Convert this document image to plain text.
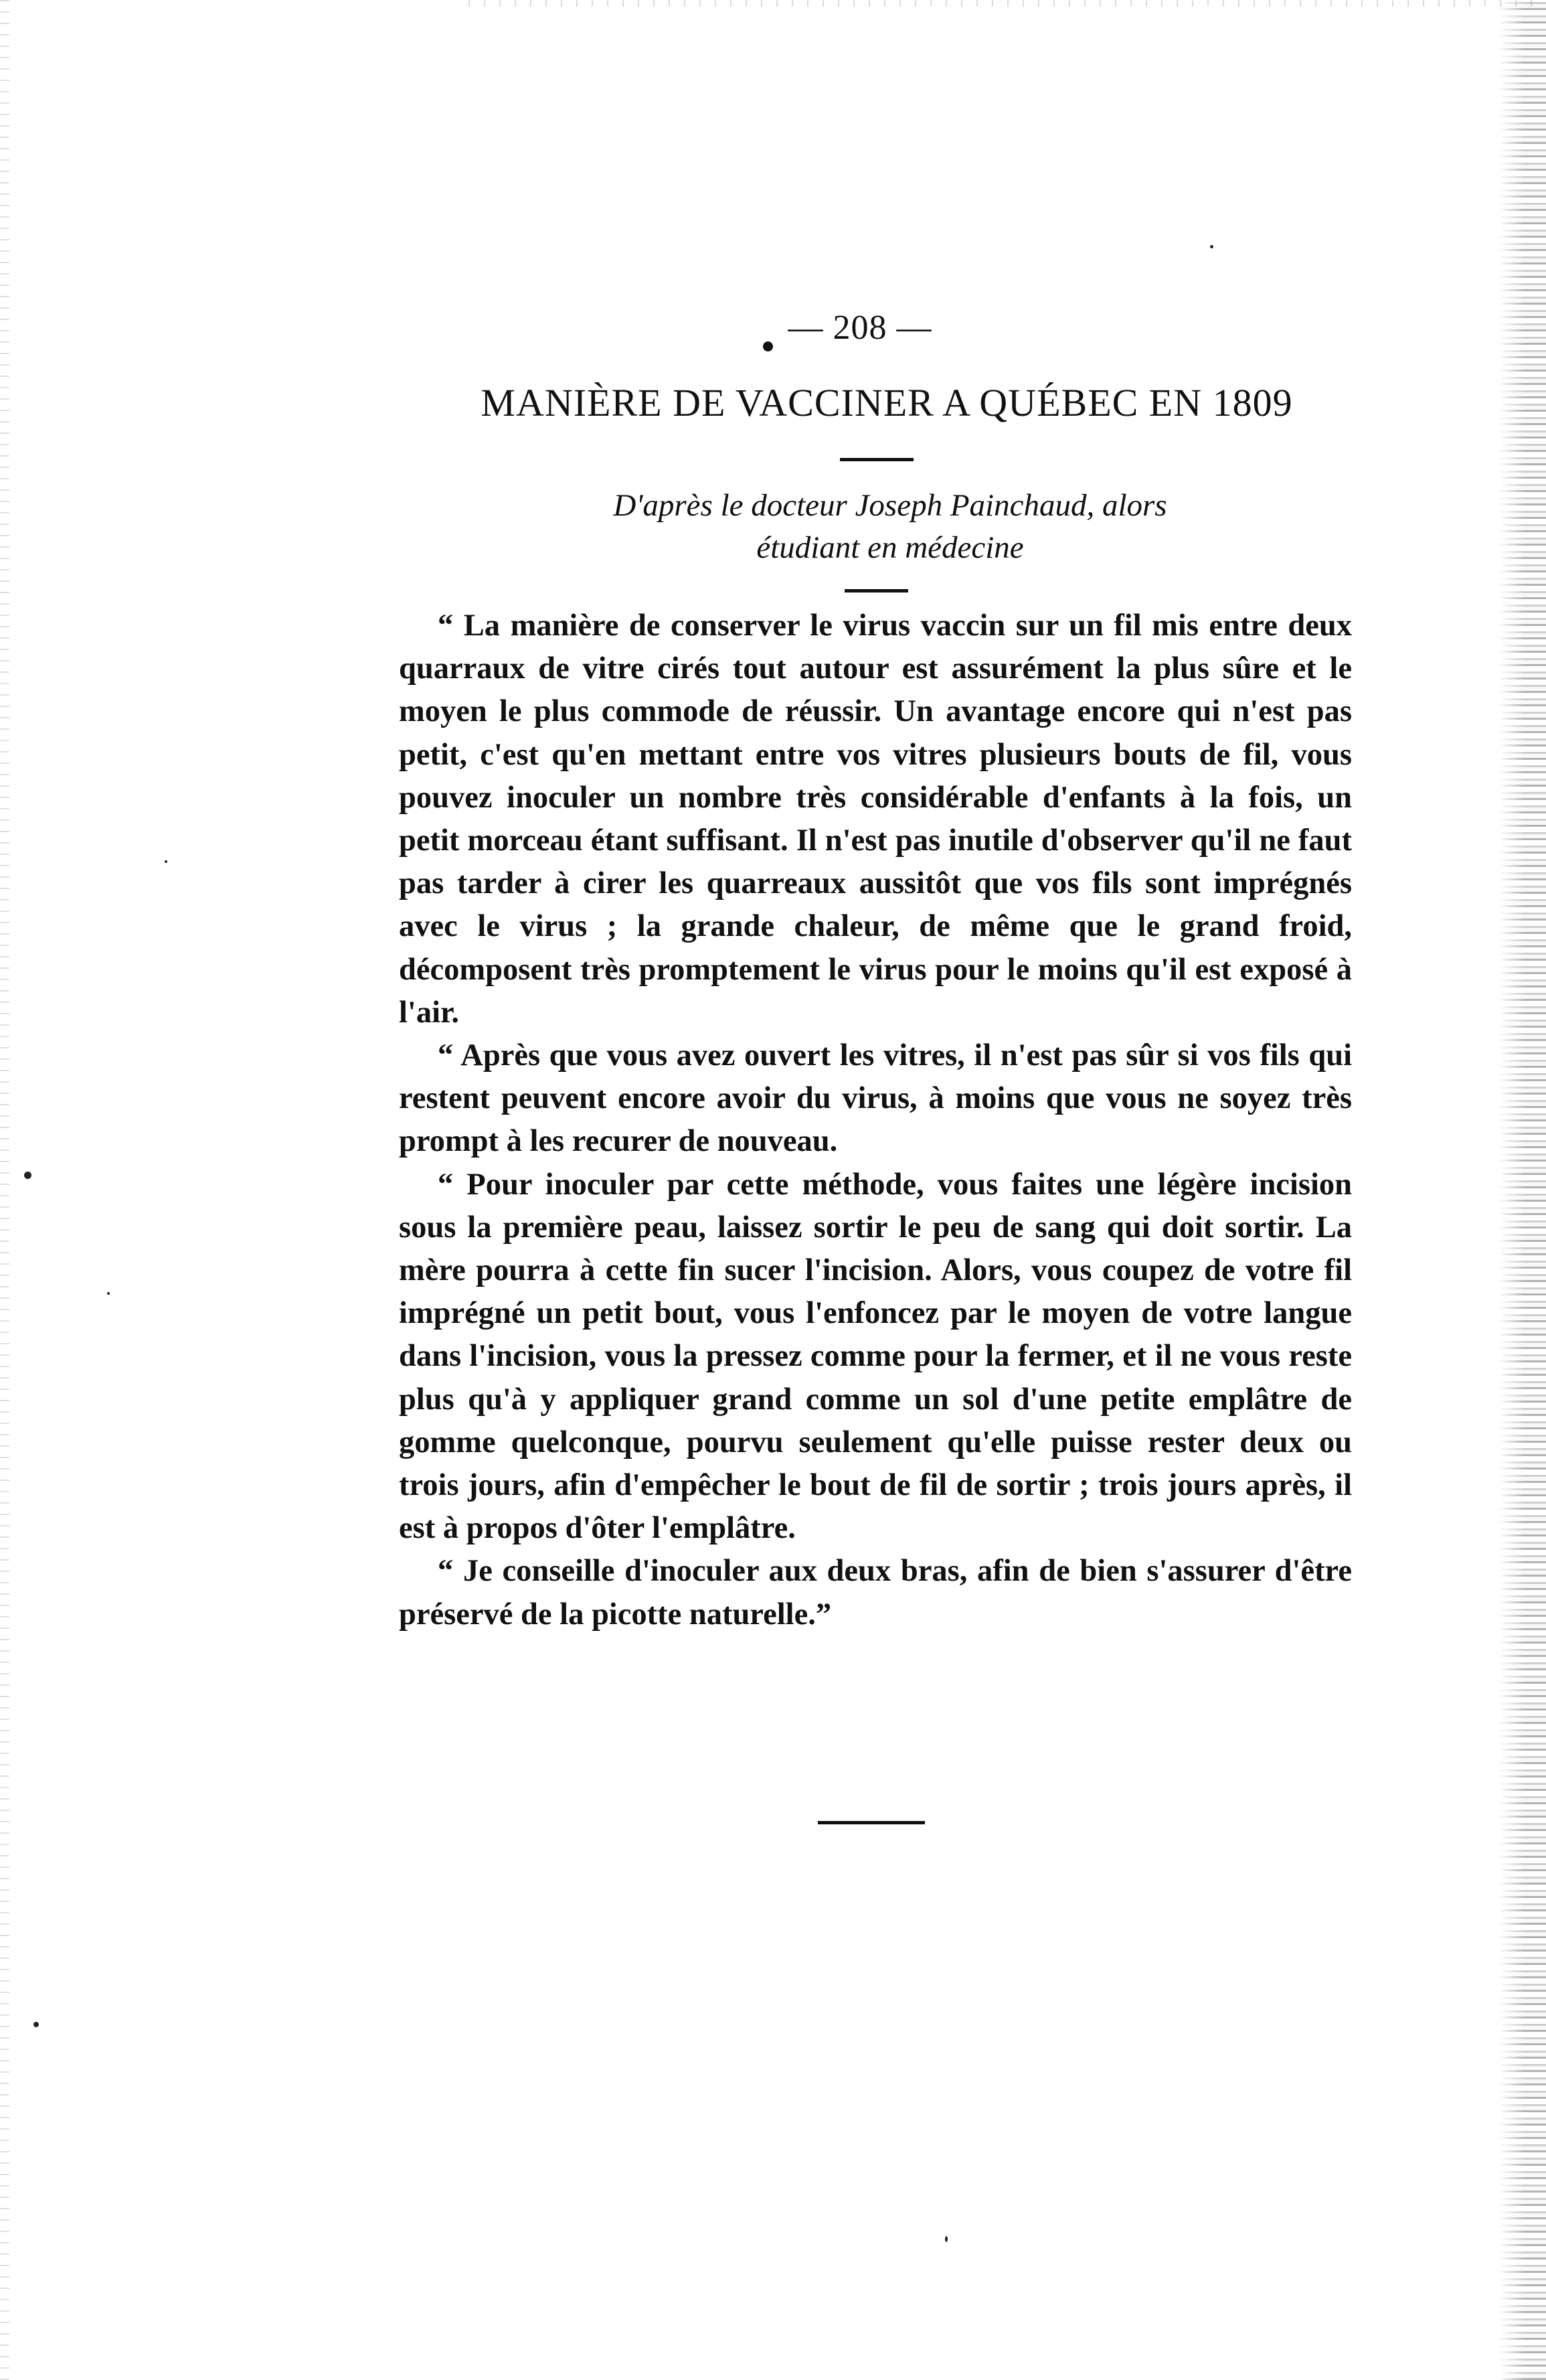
— 208 —
MANIÈRE DE VACCINER A QUÉBEC EN 1809
D'après le docteur Joseph Painchaud, alors
étudiant en médecine

“ La manière de conserver le virus vaccin sur un fil mis entre deux quarraux de vitre cirés tout autour est assurément la plus sûre et le moyen le plus commode de réussir. Un avantage encore qui n'est pas petit, c'est qu'en mettant entre vos vitres plusieurs bouts de fil, vous pouvez inoculer un nombre très considérable d'enfants à la fois, un petit morceau étant suffisant. Il n'est pas inutile d'observer qu'il ne faut pas tarder à cirer les quarreaux aussitôt que vos fils sont imprégnés avec le virus ; la grande chaleur, de même que le grand froid, décomposent très promptement le virus pour le moins qu'il est exposé à l'air.

“ Après que vous avez ouvert les vitres, il n'est pas sûr si vos fils qui restent peuvent encore avoir du virus, à moins que vous ne soyez très prompt à les recurer de nouveau.

“ Pour inoculer par cette méthode, vous faites une légère incision sous la première peau, laissez sortir le peu de sang qui doit sortir. La mère pourra à cette fin sucer l'incision. Alors, vous coupez de votre fil imprégné un petit bout, vous l'enfoncez par le moyen de votre langue dans l'incision, vous la pressez comme pour la fermer, et il ne vous reste plus qu'à y appliquer grand comme un sol d'une petite emplâtre de gomme quelconque, pourvu seulement qu'elle puisse rester deux ou trois jours, afin d'empêcher le bout de fil de sortir ; trois jours après, il est à propos d'ôter l'emplâtre.

“ Je conseille d'inoculer aux deux bras, afin de bien s'assurer d'être préservé de la picotte naturelle.”
